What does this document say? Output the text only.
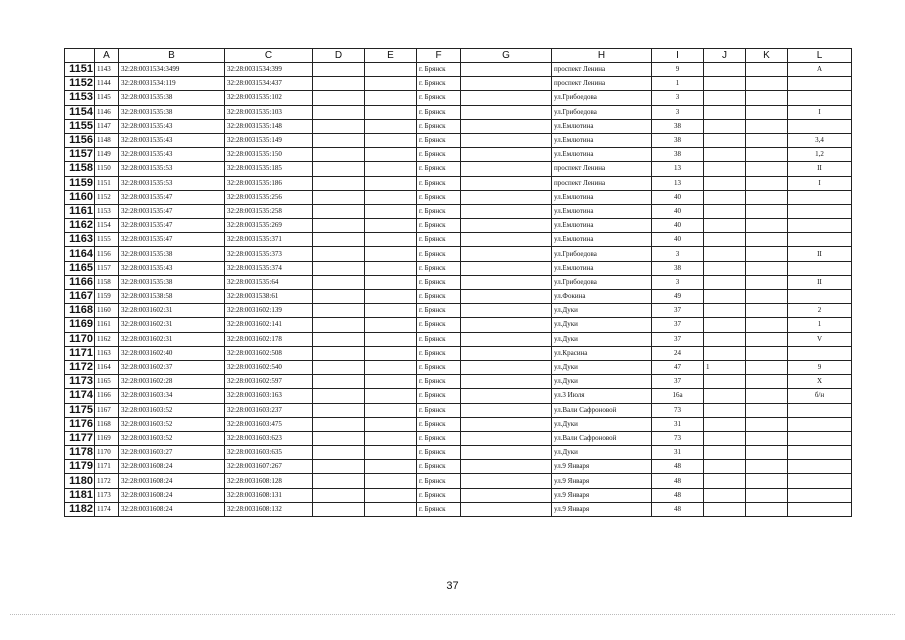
	A	B	C	D	E	F	G	H	I	J	K	L
1151	1143	32:28:0031534:3499	32:28:0031534:399			г. Брянск		проспект Ленина	9			А
1152	1144	32:28:0031534:119	32:28:0031534:437			г. Брянск		проспект Ленина	1			
1153	1145	32:28:0031535:38	32:28:0031535:102			г. Брянск		ул.Грибоедова	3			
1154	1146	32:28:0031535:38	32:28:0031535:103			г. Брянск		ул.Грибоедова	3			I
1155	1147	32:28:0031535:43	32:28:0031535:148			г. Брянск		ул.Емлютина	38			
1156	1148	32:28:0031535:43	32:28:0031535:149			г. Брянск		ул.Емлютина	38			3,4
1157	1149	32:28:0031535:43	32:28:0031535:150			г. Брянск		ул.Емлютина	38			1,2
1158	1150	32:28:0031535:53	32:28:0031535:185			г. Брянск		проспект Ленина	13			II
1159	1151	32:28:0031535:53	32:28:0031535:186			г. Брянск		проспект Ленина	13			I
1160	1152	32:28:0031535:47	32:28:0031535:256			г. Брянск		ул.Емлютина	40			
1161	1153	32:28:0031535:47	32:28:0031535:258			г. Брянск		ул.Емлютина	40			
1162	1154	32:28:0031535:47	32:28:0031535:269			г. Брянск		ул.Емлютина	40			
1163	1155	32:28:0031535:47	32:28:0031535:371			г. Брянск		ул.Емлютина	40			
1164	1156	32:28:0031535:38	32:28:0031535:373			г. Брянск		ул.Грибоедова	3			II
1165	1157	32:28:0031535:43	32:28:0031535:374			г. Брянск		ул.Емлютина	38			
1166	1158	32:28:0031535:38	32:28:0031535:64			г. Брянск		ул.Грибоедова	3			II
1167	1159	32:28:0031538:58	32:28:0031538:61			г. Брянск		ул.Фокина	49			
1168	1160	32:28:0031602:31	32:28:0031602:139			г. Брянск		ул.Дуки	37			2
1169	1161	32:28:0031602:31	32:28:0031602:141			г. Брянск		ул.Дуки	37			1
1170	1162	32:28:0031602:31	32:28:0031602:178			г. Брянск		ул.Дуки	37			V
1171	1163	32:28:0031602:40	32:28:0031602:508			г. Брянск		ул.Красина	24			
1172	1164	32:28:0031602:37	32:28:0031602:540			г. Брянск		ул.Дуки	47	1		9
1173	1165	32:28:0031602:28	32:28:0031602:597			г. Брянск		ул.Дуки	37			X
1174	1166	32:28:0031603:34	32:28:0031603:163			г. Брянск		ул.3 Июля	16а			б/н
1175	1167	32:28:0031603:52	32:28:0031603:237			г. Брянск		ул.Вали Сафроновой	73			
1176	1168	32:28:0031603:52	32:28:0031603:475			г. Брянск		ул.Дуки	31			
1177	1169	32:28:0031603:52	32:28:0031603:623			г. Брянск		ул.Вали Сафроновой	73			
1178	1170	32:28:0031603:27	32:28:0031603:635			г. Брянск		ул.Дуки	31			
1179	1171	32:28:0031608:24	32:28:0031607:267			г. Брянск		ул.9 Января	48			
1180	1172	32:28:0031608:24	32:28:0031608:128			г. Брянск		ул.9 Января	48			
1181	1173	32:28:0031608:24	32:28:0031608:131			г. Брянск		ул.9 Января	48			
1182	1174	32:28:0031608:24	32:28:0031608:132			г. Брянск		ул.9 Января	48			
37
